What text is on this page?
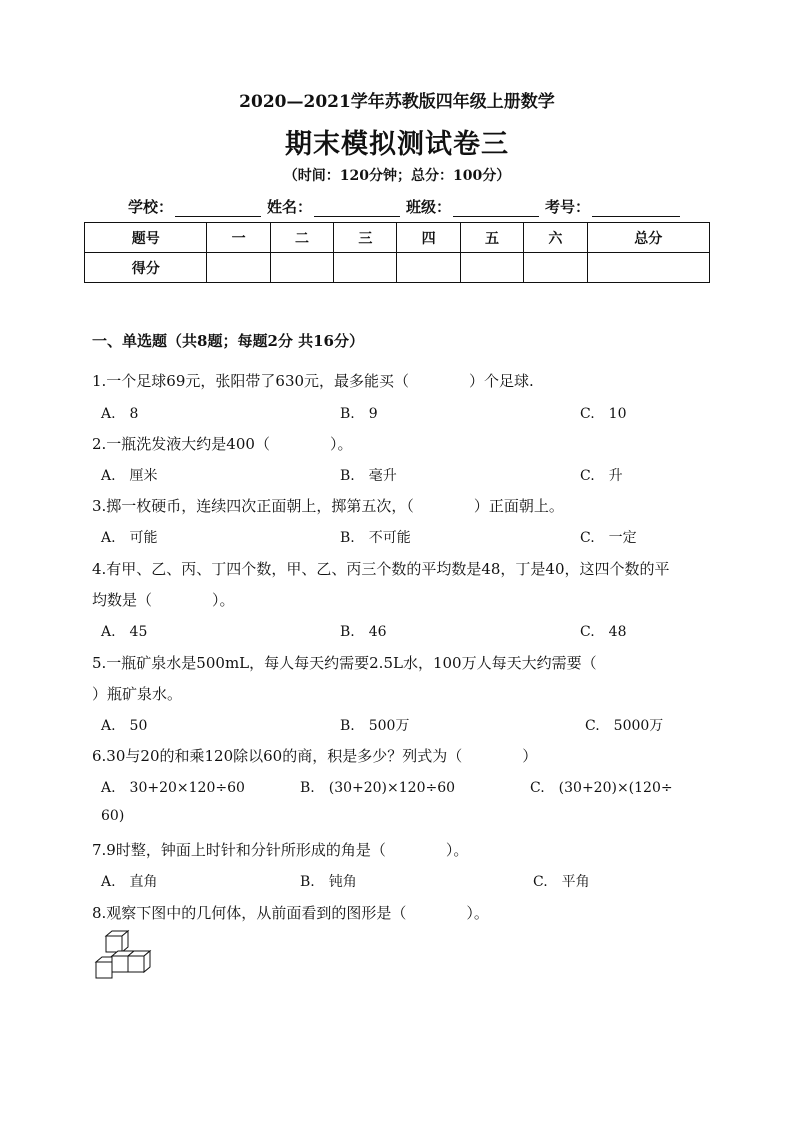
2020—2021学年苏教版四年级上册数学
期末模拟测试卷三
（时间：120分钟；总分：100分）
学校：	姓名：	班级：	考号：
题号	一	二	三	四	五	六	总分
得分							
一、单选题（共8题；每题2分 共16分）
1.一个足球69元，张阳带了630元，最多能买（　　　　）个足球.
A.　8	B.　9	C.　10
2.一瓶洗发液大约是400（　　　　）。
A.　厘米	B.　毫升	C.　升
3.掷一枚硬币，连续四次正面朝上，掷第五次，（　　　　）正面朝上。
A.　可能	B.　不可能	C.　一定
4.有甲、乙、丙、丁四个数，甲、乙、丙三个数的平均数是48，丁是40，这四个数的平
均数是（　　　　）。
A.　45	B.　46	C.　48
5.一瓶矿泉水是500mL，每人每天约需要2.5L水，100万人每天大约需要（
）瓶矿泉水。
A.　50	B.　500万	C.　5000万
6.30与20的和乘120除以60的商，积是多少？列式为（　　　　）
A.　30+20×120÷60	B.　(30+20)×120÷60	C.　(30+20)×(120÷
60)
7.9时整，钟面上时针和分针所形成的角是（　　　　）。
A.　直角	B.　钝角	C.　平角
8.观察下图中的几何体，从前面看到的图形是（　　　　）。
